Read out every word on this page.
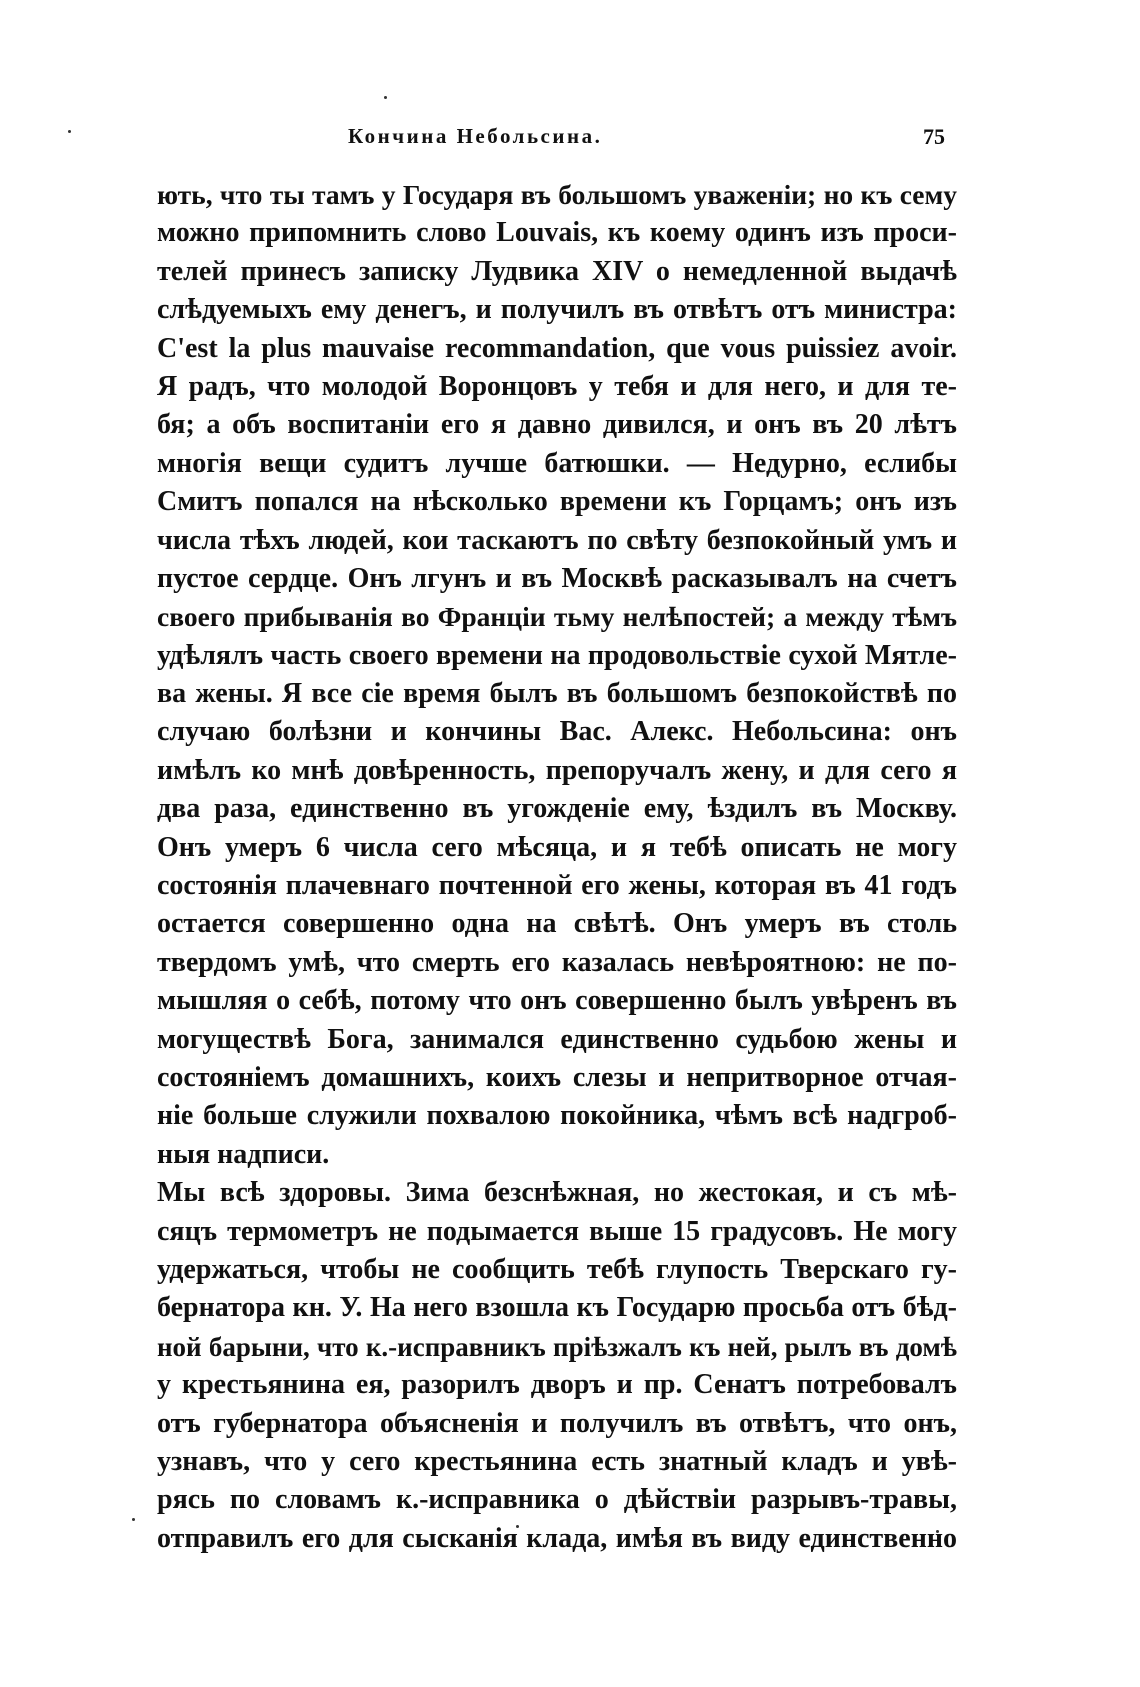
Кончина Небольсина.	75
ють, что ты тамъ у Государя въ большомъ уваженіи; но къ сему
можно припомнить слово Louvais, къ коему одинъ изъ проси-
телей принесъ записку Лудвика XIV о немедленной выдачѣ
слѣдуемыхъ ему денегъ, и получилъ въ отвѣтъ отъ министра:
C'est la plus mauvaise recommandation, que vous puissiez avoir.
Я радъ, что молодой Воронцовъ у тебя и для него, и для те-
бя; а объ воспитаніи его я давно дивился, и онъ въ 20 лѣтъ
многія вещи судитъ лучше батюшки. — Недурно, еслибы
Смитъ попался на нѣсколько времени къ Горцамъ; онъ изъ
числа тѣхъ людей, кои таскаютъ по свѣту безпокойный умъ и
пустое сердце. Онъ лгунъ и въ Москвѣ расказывалъ на счетъ
своего прибыванія во Франціи тьму нелѣпостей; а между тѣмъ
удѣлялъ часть своего времени на продовольствіе сухой Мятле-
ва жены. Я все сіе время былъ въ большомъ безпокойствѣ по
случаю болѣзни и кончины Вас. Алекс. Небольсина: онъ
имѣлъ ко мнѣ довѣренность, препоручалъ жену, и для сего я
два раза, единственно въ угожденіе ему, ѣздилъ въ Москву.
Онъ умеръ 6 числа сего мѣсяца, и я тебѣ описать не могу
состоянія плачевнаго почтенной его жены, которая въ 41 годъ
остается совершенно одна на свѣтѣ. Онъ умеръ въ столь
твердомъ умѣ, что смерть его казалась невѣроятною: не по-
мышляя о себѣ, потому что онъ совершенно былъ увѣренъ въ
могуществѣ Бога, занимался единственно судьбою жены и
состояніемъ домашнихъ, коихъ слезы и непритворное отчая-
ніе больше служили похвалою покойника, чѣмъ всѣ надгроб-
ныя надписи.
Мы всѣ здоровы. Зима безснѣжная, но жестокая, и съ мѣ-
сяцъ термометръ не подымается выше 15 градусовъ. Не могу
удержаться, чтобы не сообщить тебѣ глупость Тверскаго гу-
бернатора кн. У. На него взошла къ Государю просьба отъ бѣд-
ной барыни, что к.-исправникъ пріѣзжалъ къ ней, рылъ въ домѣ
у крестьянина ея, разорилъ дворъ и пр. Сенатъ потребовалъ
отъ губернатора объясненія и получилъ въ отвѣтъ, что онъ,
узнавъ, что у сего крестьянина есть знатный кладъ и увѣ-
рясь по словамъ к.-исправника о дѣйствіи разрывъ-травы,
отправилъ его для сысканія клада, имѣя въ виду единственно
